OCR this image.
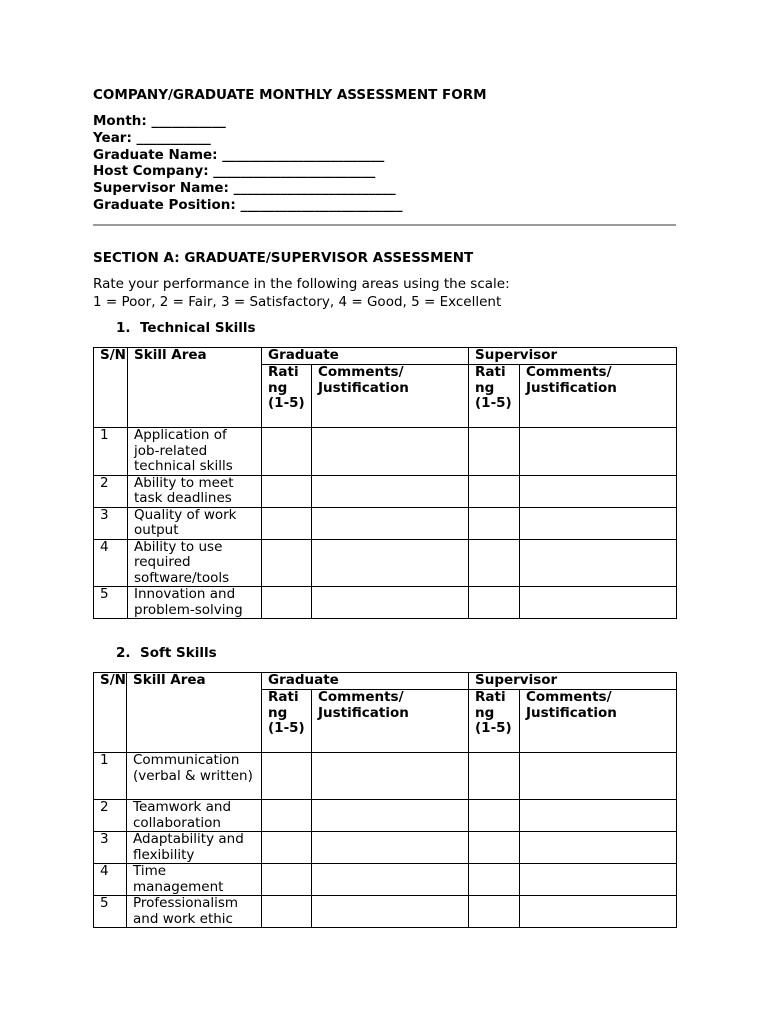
COMPANY/GRADUATE MONTHLY ASSESSMENT FORM
Month: ___________
Year: ___________
Graduate Name: ________________________
Host Company: ________________________
Supervisor Name: ________________________
Graduate Position: ________________________
SECTION A: GRADUATE/SUPERVISOR ASSESSMENT
Rate your performance in the following areas using the scale:
1 = Poor, 2 = Fair, 3 = Satisfactory, 4 = Good, 5 = Excellent
1. Technical Skills
S/N	Skill Area	Graduate		Supervisor	
		Rating (1-5)	Comments/ Justification	Rating (1-5)	Comments/ Justification
1	Application of job-related technical skills				
2	Ability to meet task deadlines				
3	Quality of work output				
4	Ability to use required software/tools				
5	Innovation and problem-solving				
2. Soft Skills
S/N	Skill Area	Graduate		Supervisor	
		Rating (1-5)	Comments/ Justification	Rating (1-5)	Comments/ Justification
1	Communication (verbal & written)				
2	Teamwork and collaboration				
3	Adaptability and flexibility				
4	Time management				
5	Professionalism and work ethic				
